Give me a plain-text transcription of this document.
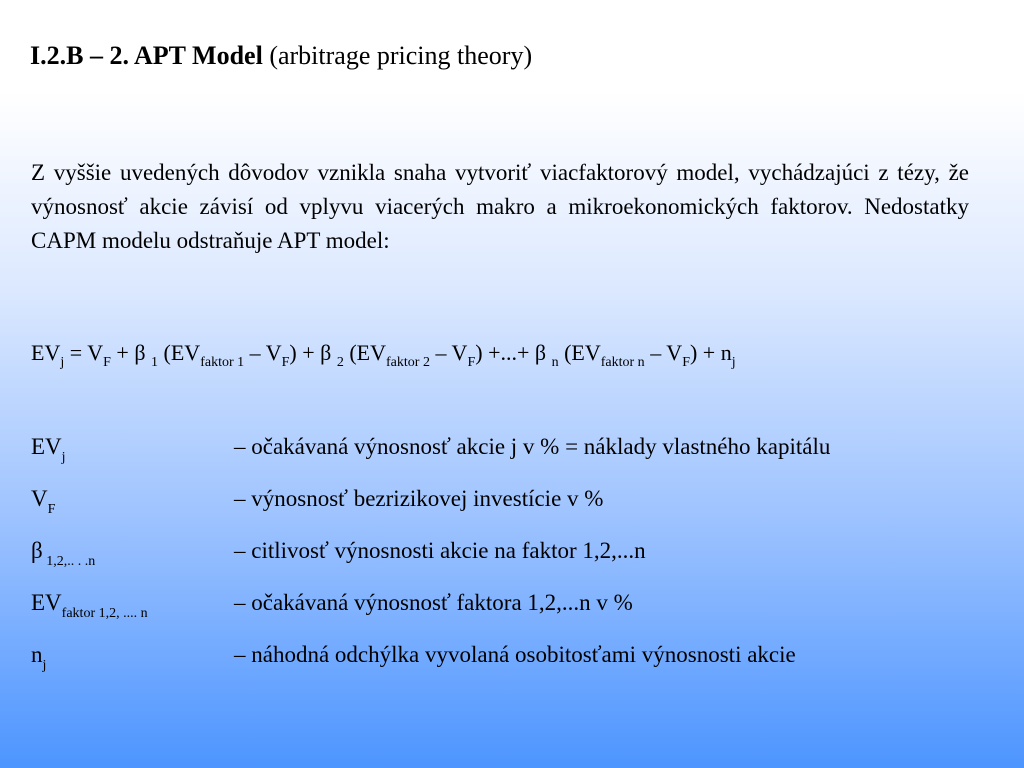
I.2.B – 2. APT Model (arbitrage pricing theory)
Z vyššie uvedených dôvodov vznikla snaha vytvoriť viacfaktorový model, vychádzajúci z tézy, že výnosnosť akcie závisí od vplyvu viacerých makro a mikroekonomických faktorov. Nedostatky CAPM modelu odstraňuje APT model:
$EV_j = V_F + \beta$ $_1$ $(EV_{faktor 1} - V_F) + \beta$ $_2$ $(EV_{faktor 2} - V_F)$ +...+ β $_n$ $(EV_{faktor n} - V_F) + n_j$
$EV_j$	– očakávaná výnosnosť akcie j v % = náklady vlastného kapitálu
$V_F$	– výnosnosť bezrizikovej investície v %
β $_{1,2,.. . .n}$	– citlivosť výnosnosti akcie na faktor 1,2,...n
$EV_{faktor 1,2, .... n}$	– očakávaná výnosnosť faktora 1,2,...n v %
$n_j$	– náhodná odchýlka vyvolaná osobitosťami výnosnosti akcie
